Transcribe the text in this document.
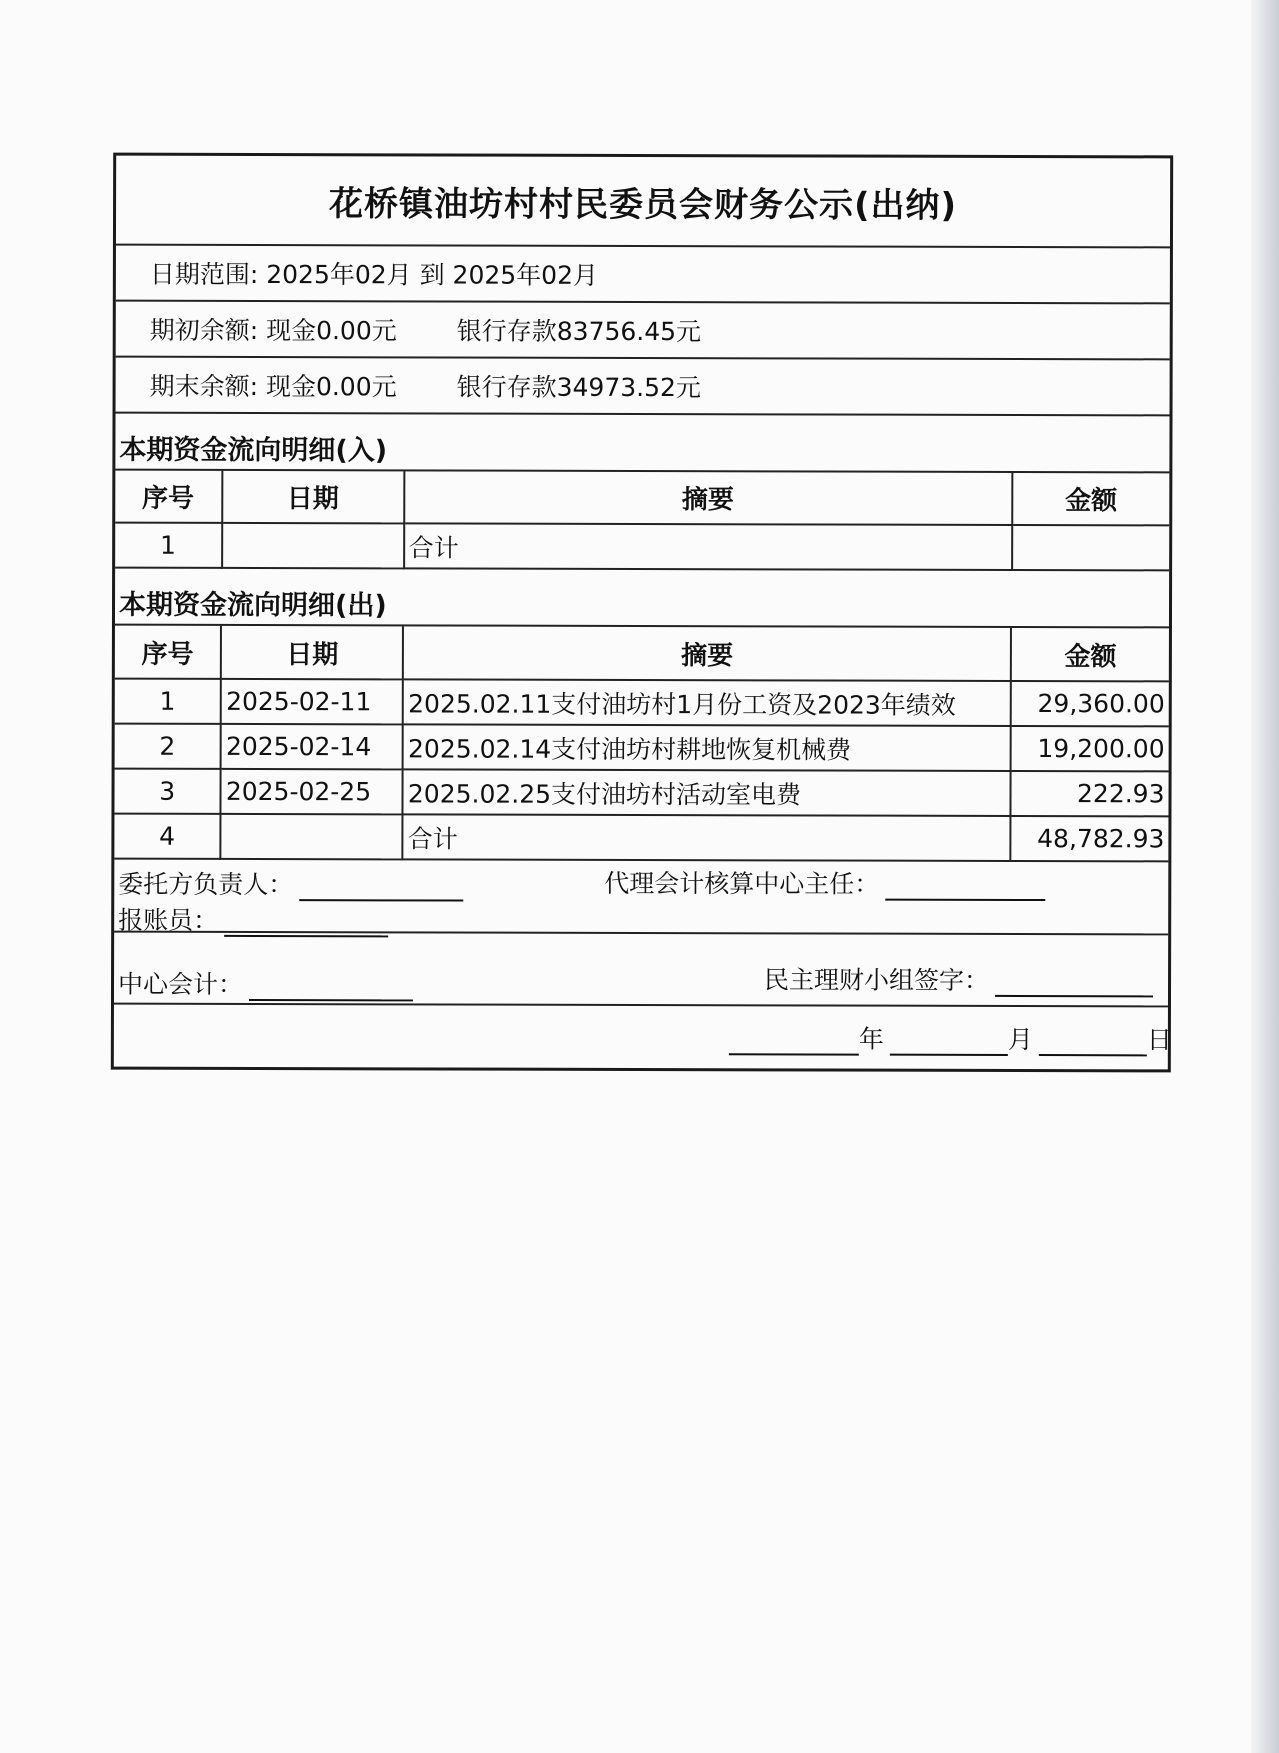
花桥镇油坊村村民委员会财务公示(出纳)
日期范围: 2025年02月 到 2025年02月
期初余额: 现金0.00元 银行存款83756.45元
期末余额: 现金0.00元 银行存款34973.52元
本期资金流向明细(入)
序号	日期	摘要	金额
1		合计	
本期资金流向明细(出)
序号	日期	摘要	金额
1	2025-02-11	2025.02.11支付油坊村1月份工资及2023年绩效	29,360.00
2	2025-02-14	2025.02.14支付油坊村耕地恢复机械费	19,200.00
3	2025-02-25	2025.02.25支付油坊村活动室电费	222.93
4		合计	48,782.93
委托方负责人：	代理会计核算中心主任：
报账员：
中心会计：	民主理财小组签字：
年	月	日
